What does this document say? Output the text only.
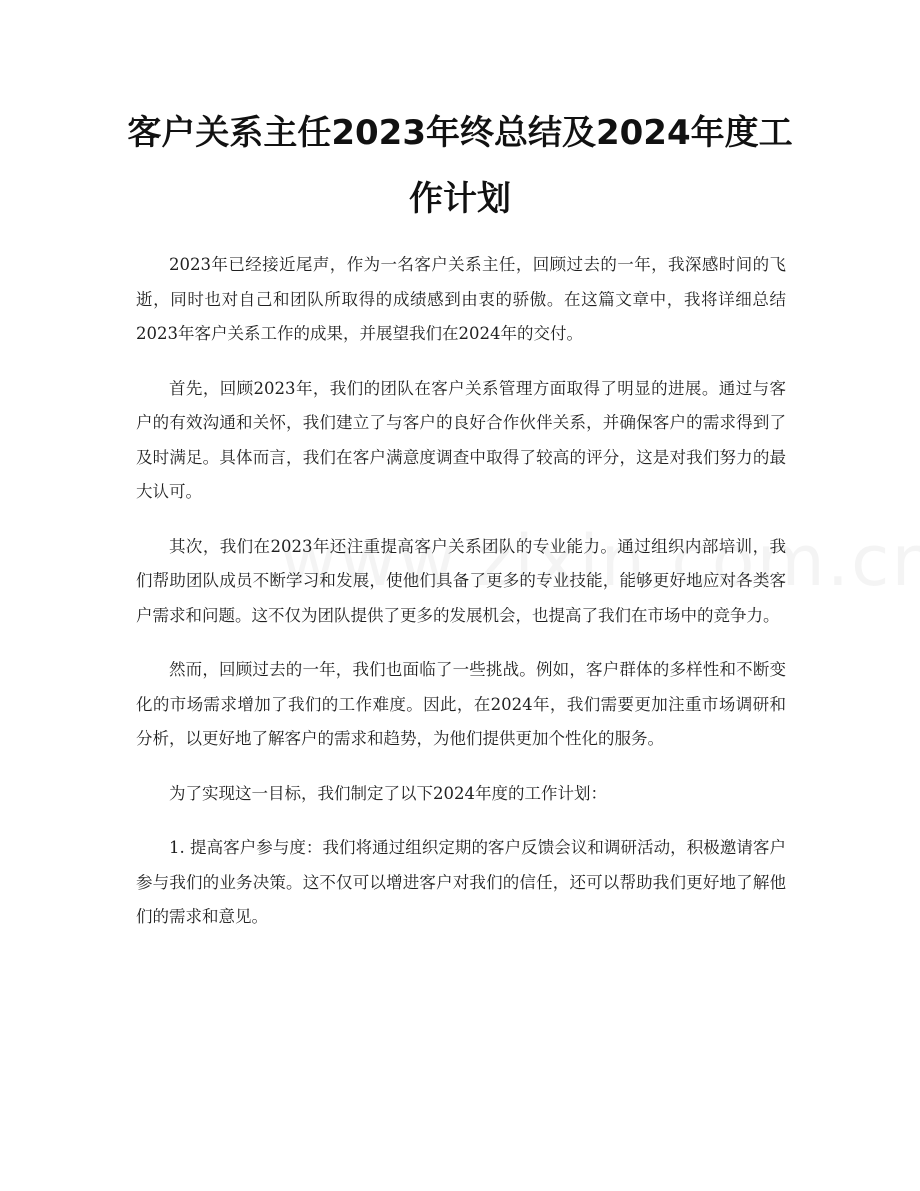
客户关系主任2023年终总结及2024年度工作计划

2023年已经接近尾声，作为一名客户关系主任，回顾过去的一年，我深感时间的飞逝，同时也对自己和团队所取得的成绩感到由衷的骄傲。在这篇文章中，我将详细总结2023年客户关系工作的成果，并展望我们在2024年的交付。

首先，回顾2023年，我们的团队在客户关系管理方面取得了明显的进展。通过与客户的有效沟通和关怀，我们建立了与客户的良好合作伙伴关系，并确保客户的需求得到了及时满足。具体而言，我们在客户满意度调查中取得了较高的评分，这是对我们努力的最大认可。

其次，我们在2023年还注重提高客户关系团队的专业能力。通过组织内部培训，我们帮助团队成员不断学习和发展，使他们具备了更多的专业技能，能够更好地应对各类客户需求和问题。这不仅为团队提供了更多的发展机会，也提高了我们在市场中的竞争力。

然而，回顾过去的一年，我们也面临了一些挑战。例如，客户群体的多样性和不断变化的市场需求增加了我们的工作难度。因此，在2024年，我们需要更加注重市场调研和分析，以更好地了解客户的需求和趋势，为他们提供更加个性化的服务。

为了实现这一目标，我们制定了以下2024年度的工作计划：

1. 提高客户参与度：我们将通过组织定期的客户反馈会议和调研活动，积极邀请客户参与我们的业务决策。这不仅可以增进客户对我们的信任，还可以帮助我们更好地了解他们的需求和意见。
